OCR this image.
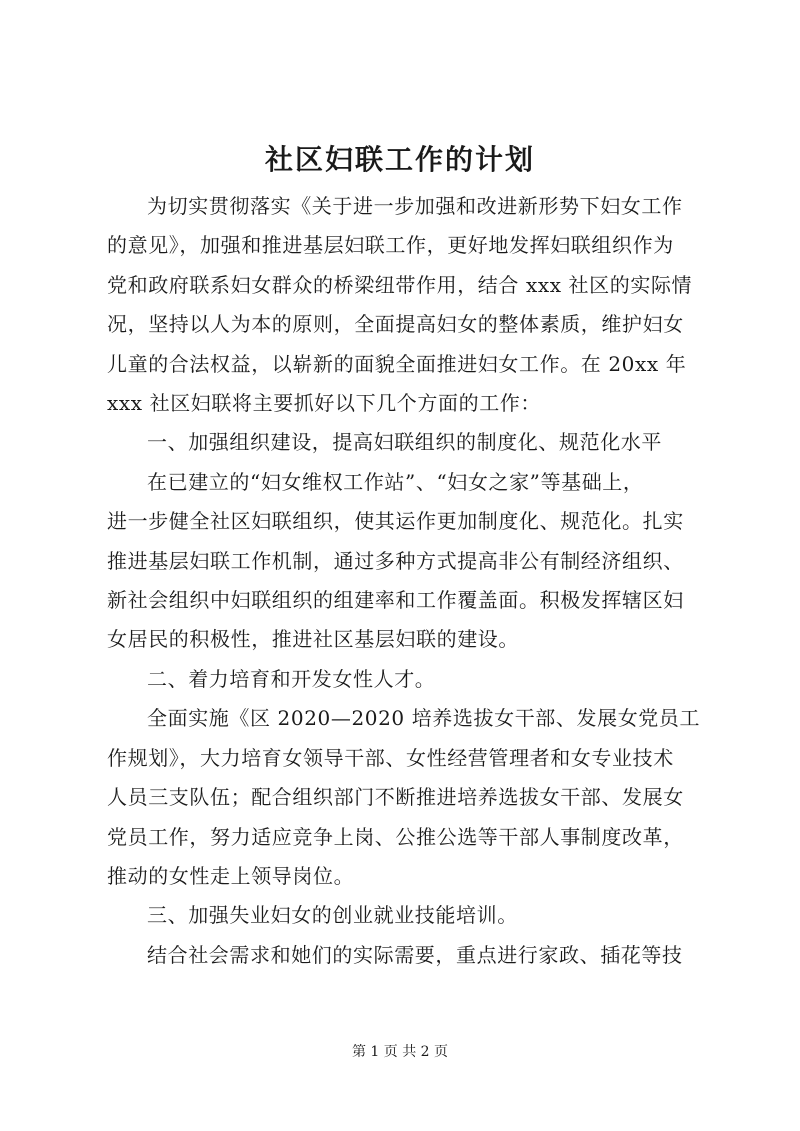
社区妇联工作的计划
为切实贯彻落实《关于进一步加强和改进新形势下妇女工作
的意见》，加强和推进基层妇联工作，更好地发挥妇联组织作为
党和政府联系妇女群众的桥梁纽带作用，结合 xxx 社区的实际情
况，坚持以人为本的原则，全面提高妇女的整体素质，维护妇女
儿童的合法权益，以崭新的面貌全面推进妇女工作。在 20xx 年
xxx 社区妇联将主要抓好以下几个方面的工作：
一、加强组织建设，提高妇联组织的制度化、规范化水平
在已建立的“妇女维权工作站”、“妇女之家”等基础上，
进一步健全社区妇联组织，使其运作更加制度化、规范化。扎实
推进基层妇联工作机制，通过多种方式提高非公有制经济组织、
新社会组织中妇联组织的组建率和工作覆盖面。积极发挥辖区妇
女居民的积极性，推进社区基层妇联的建设。
二、着力培育和开发女性人才。
全面实施《区 2020—2020 培养选拔女干部、发展女党员工
作规划》，大力培育女领导干部、女性经营管理者和女专业技术
人员三支队伍；配合组织部门不断推进培养选拔女干部、发展女
党员工作，努力适应竞争上岗、公推公选等干部人事制度改革，
推动的女性走上领导岗位。
三、加强失业妇女的创业就业技能培训。
结合社会需求和她们的实际需要，重点进行家政、插花等技
第 1 页 共 2 页
